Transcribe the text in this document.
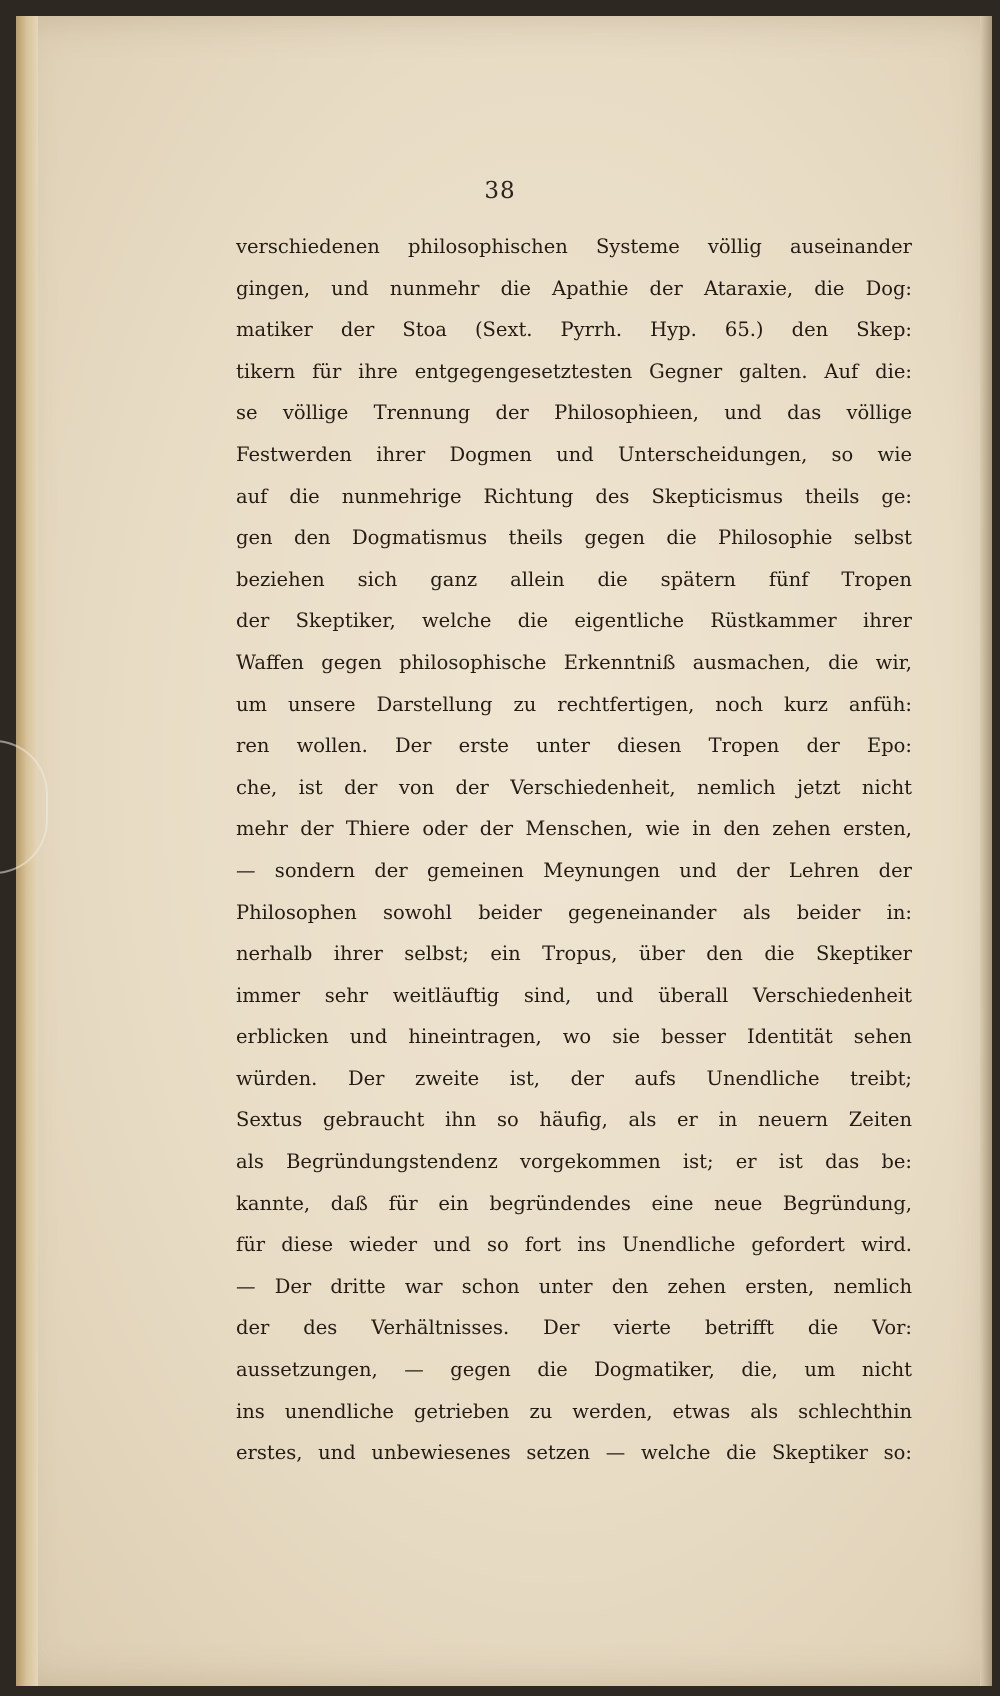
38
verschiedenen philosophischen Systeme völlig auseinander
gingen, und nunmehr die Apathie der Ataraxie, die Dog:
matiker der Stoa (Sext. Pyrrh. Hyp. 65.) den Skep:
tikern für ihre entgegengesetztesten Gegner galten. Auf die:
se völlige Trennung der Philosophieen, und das völlige
Festwerden ihrer Dogmen und Unterscheidungen, so wie
auf die nunmehrige Richtung des Skepticismus theils ge:
gen den Dogmatismus theils gegen die Philosophie selbst
beziehen sich ganz allein die spätern fünf Tropen
der Skeptiker, welche die eigentliche Rüstkammer ihrer
Waffen gegen philosophische Erkenntniß ausmachen, die wir,
um unsere Darstellung zu rechtfertigen, noch kurz anfüh:
ren wollen. Der erste unter diesen Tropen der Epo:
che, ist der von der Verschiedenheit, nemlich jetzt nicht
mehr der Thiere oder der Menschen, wie in den zehen ersten,
— sondern der gemeinen Meynungen und der Lehren der
Philosophen sowohl beider gegeneinander als beider in:
nerhalb ihrer selbst; ein Tropus, über den die Skeptiker
immer sehr weitläuftig sind, und überall Verschiedenheit
erblicken und hineintragen, wo sie besser Identität sehen
würden. Der zweite ist, der aufs Unendliche treibt;
Sextus gebraucht ihn so häufig, als er in neuern Zeiten
als Begründungstendenz vorgekommen ist; er ist das be:
kannte, daß für ein begründendes eine neue Begründung,
für diese wieder und so fort ins Unendliche gefordert wird.
— Der dritte war schon unter den zehen ersten, nemlich
der des Verhältnisses. Der vierte betrifft die Vor:
aussetzungen, — gegen die Dogmatiker, die, um nicht
ins unendliche getrieben zu werden, etwas als schlechthin
erstes, und unbewiesenes setzen — welche die Skeptiker so:
